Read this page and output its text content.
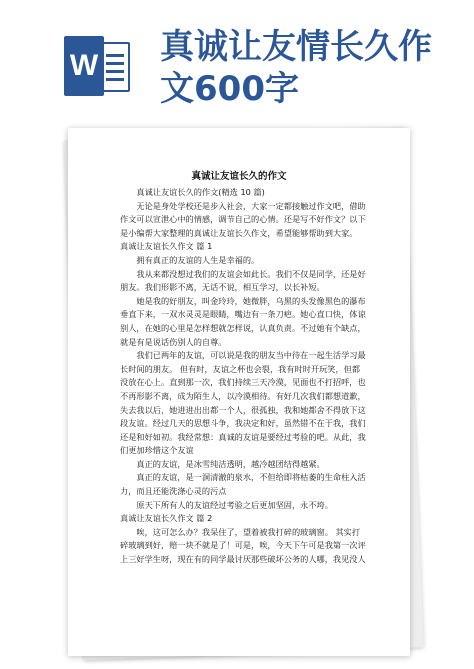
W 真诚让友情长久作文600字
真诚让友谊长久的作文

真诚让友谊长久的作文(精选 10 篇)

无论是身处学校还是步入社会，大家一定都接触过作文吧，借助作文可以宣泄心中的情感，调节自己的心情。还是写不好作文？以下是小编帮大家整理的真诚让友谊长久作文，希望能够帮助到大家。

真诚让友谊长久作文 篇 1

拥有真正的友谊的人生是幸福的。

我从来都没想过我们的友谊会如此长。我们不仅是同学，还是好朋友。我们形影不离，无话不说，相互学习，以长补短。

她是我的好朋友，叫金玲玲，她微胖，乌黑的头发像黑色的瀑布垂直下来，一双水灵灵是眼睛，嘴边有一条刀疤。她心直口快，体谅别人，在她的心里是怎样想就怎样说，认真负责。不过她有个缺点，就是有是说话伤别人的自尊。

我们已两年的友谊，可以说是我的朋友当中待在一起生活学习最长时间的朋友。 但有时，友谊之杯也会裂，我有时时开玩笑，但都没放在心上。直到那一次，我们持续三天冷漠，见面也不打招呼，也不再形影不离，成为陌生人，以冷漠相待。有好几次我们都想道歉，失去我以后，她进进出出都一个人，很孤独，我和她都舍不得放下这段友谊。经过几天的思想斗争，我决定和好，虽然错不在于我，我们还是和好如初。我经常想：真诚的友谊是要经过考验的吧。从此，我们更加珍惜这个友谊

真正的友谊，是冰雪纯洁透明，越冷越团结得越紧。

真正的友谊，是一洞清澈的泉水，不但给即将枯萎的生命柱入活力，而且还能洗涤心灵的污点

原天下所有人的友谊经过考验之后更加坚固，永不垮。

真诚让友谊长久作文 篇 2

唉，这可怎么办？我呆住了，望着被我打碎的玻璃窗。 其实打碎玻璃到好，赔一块不就是了！可是，唉，今天下午可是我第一次评上三好学生呀，现在有的同学最讨厌那些破坏公务的人哪，我见没人
